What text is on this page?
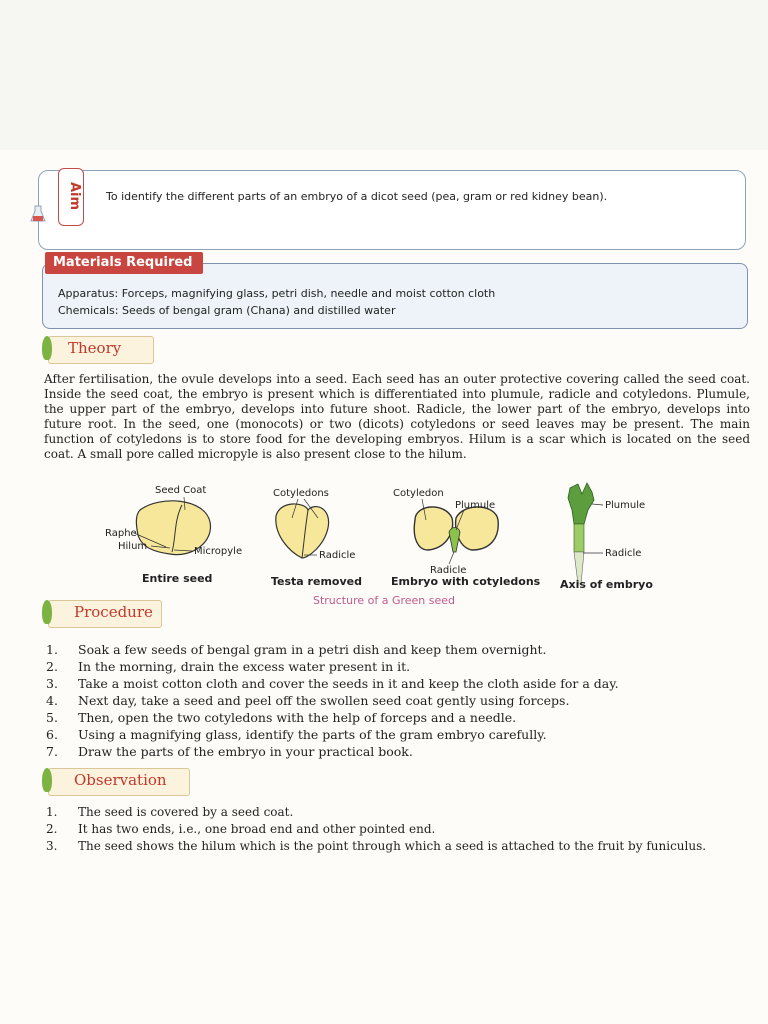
Aim To identify the different parts of an embryo of a dicot seed (pea, gram or red kidney bean).
Materials Required
Apparatus: Forceps, magnifying glass, petri dish, needle and moist cotton cloth
Chemicals: Seeds of bengal gram (Chana) and distilled water
Theory
After fertilisation, the ovule develops into a seed. Each seed has an outer protective covering called the seed coat. Inside the seed coat, the embryo is present which is differentiated into plumule, radicle and cotyledons. Plumule, the upper part of the embryo, develops into future shoot. Radicle, the lower part of the embryo, develops into future root. In the seed, one (monocots) or two (dicots) cotyledons or seed leaves may be present. The main function of cotyledons is to store food for the developing embryos. Hilum is a scar which is located on the seed coat. A small pore called micropyle is also present close to the hilum.
Seed Coat
Raphe
Hilum	Micropyle
Entire seed
Cotyledons
Radicle
Testa removed
Cotyledon
Plumule
Radicle
Embryo with cotyledons
Plumule
Radicle
Axis of embryo
Structure of a Green seed
Procedure
1.	Soak a few seeds of bengal gram in a petri dish and keep them overnight.
2.	In the morning, drain the excess water present in it.
3.	Take a moist cotton cloth and cover the seeds in it and keep the cloth aside for a day.
4.	Next day, take a seed and peel off the swollen seed coat gently using forceps.
5.	Then, open the two cotyledons with the help of forceps and a needle.
6.	Using a magnifying glass, identify the parts of the gram embryo carefully.
7.	Draw the parts of the embryo in your practical book.
Observation
1.	The seed is covered by a seed coat.
2.	It has two ends, i.e., one broad end and other pointed end.
3.	The seed shows the hilum which is the point through which a seed is attached to the fruit by funiculus.
